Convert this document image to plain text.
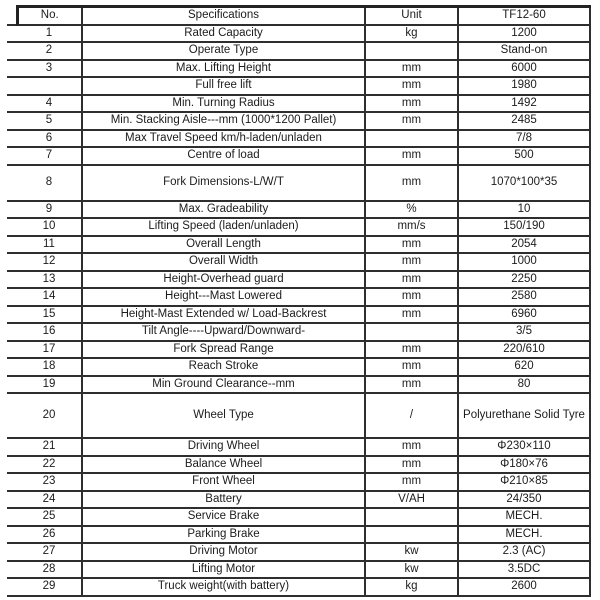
	No.	Specifications	Unit	TF12-60
	1	Rated Capacity	kg	1200
	2	Operate Type		Stand-on
	3	Max. Lifting Height	mm	6000
		Full free lift	mm	1980
	4	Min. Turning Radius	mm	1492
	5	Min. Stacking Aisle---mm (1000*1200 Pallet)	mm	2485
	6	Max Travel Speed km/h-laden/unladen		7/8
	7	Centre of load	mm	500
	8	Fork Dimensions-L/W/T	mm	1070*100*35
	9	Max. Gradeability	%	10
	10	Lifting Speed (laden/unladen)	mm/s	150/190
	11	Overall Length	mm	2054
	12	Overall Width	mm	1000
	13	Height-Overhead guard	mm	2250
	14	Height---Mast Lowered	mm	2580
	15	Height-Mast Extended w/ Load-Backrest	mm	6960
	16	Tilt Angle----Upward/Downward-		3/5
	17	Fork Spread Range	mm	220/610
	18	Reach Stroke	mm	620
	19	Min Ground Clearance--mm	mm	80
	20	Wheel Type	/	Polyurethane Solid Tyre
	21	Driving Wheel	mm	Φ230×110
	22	Balance Wheel	mm	Φ180×76
	23	Front Wheel	mm	Φ210×85
	24	Battery	V/AH	24/350
	25	Service Brake		MECH.
	26	Parking Brake		MECH.
	27	Driving Motor	kw	2.3 (AC)
	28	Lifting Motor	kw	3.5DC
	29	Truck weight(with battery)	kg	2600
